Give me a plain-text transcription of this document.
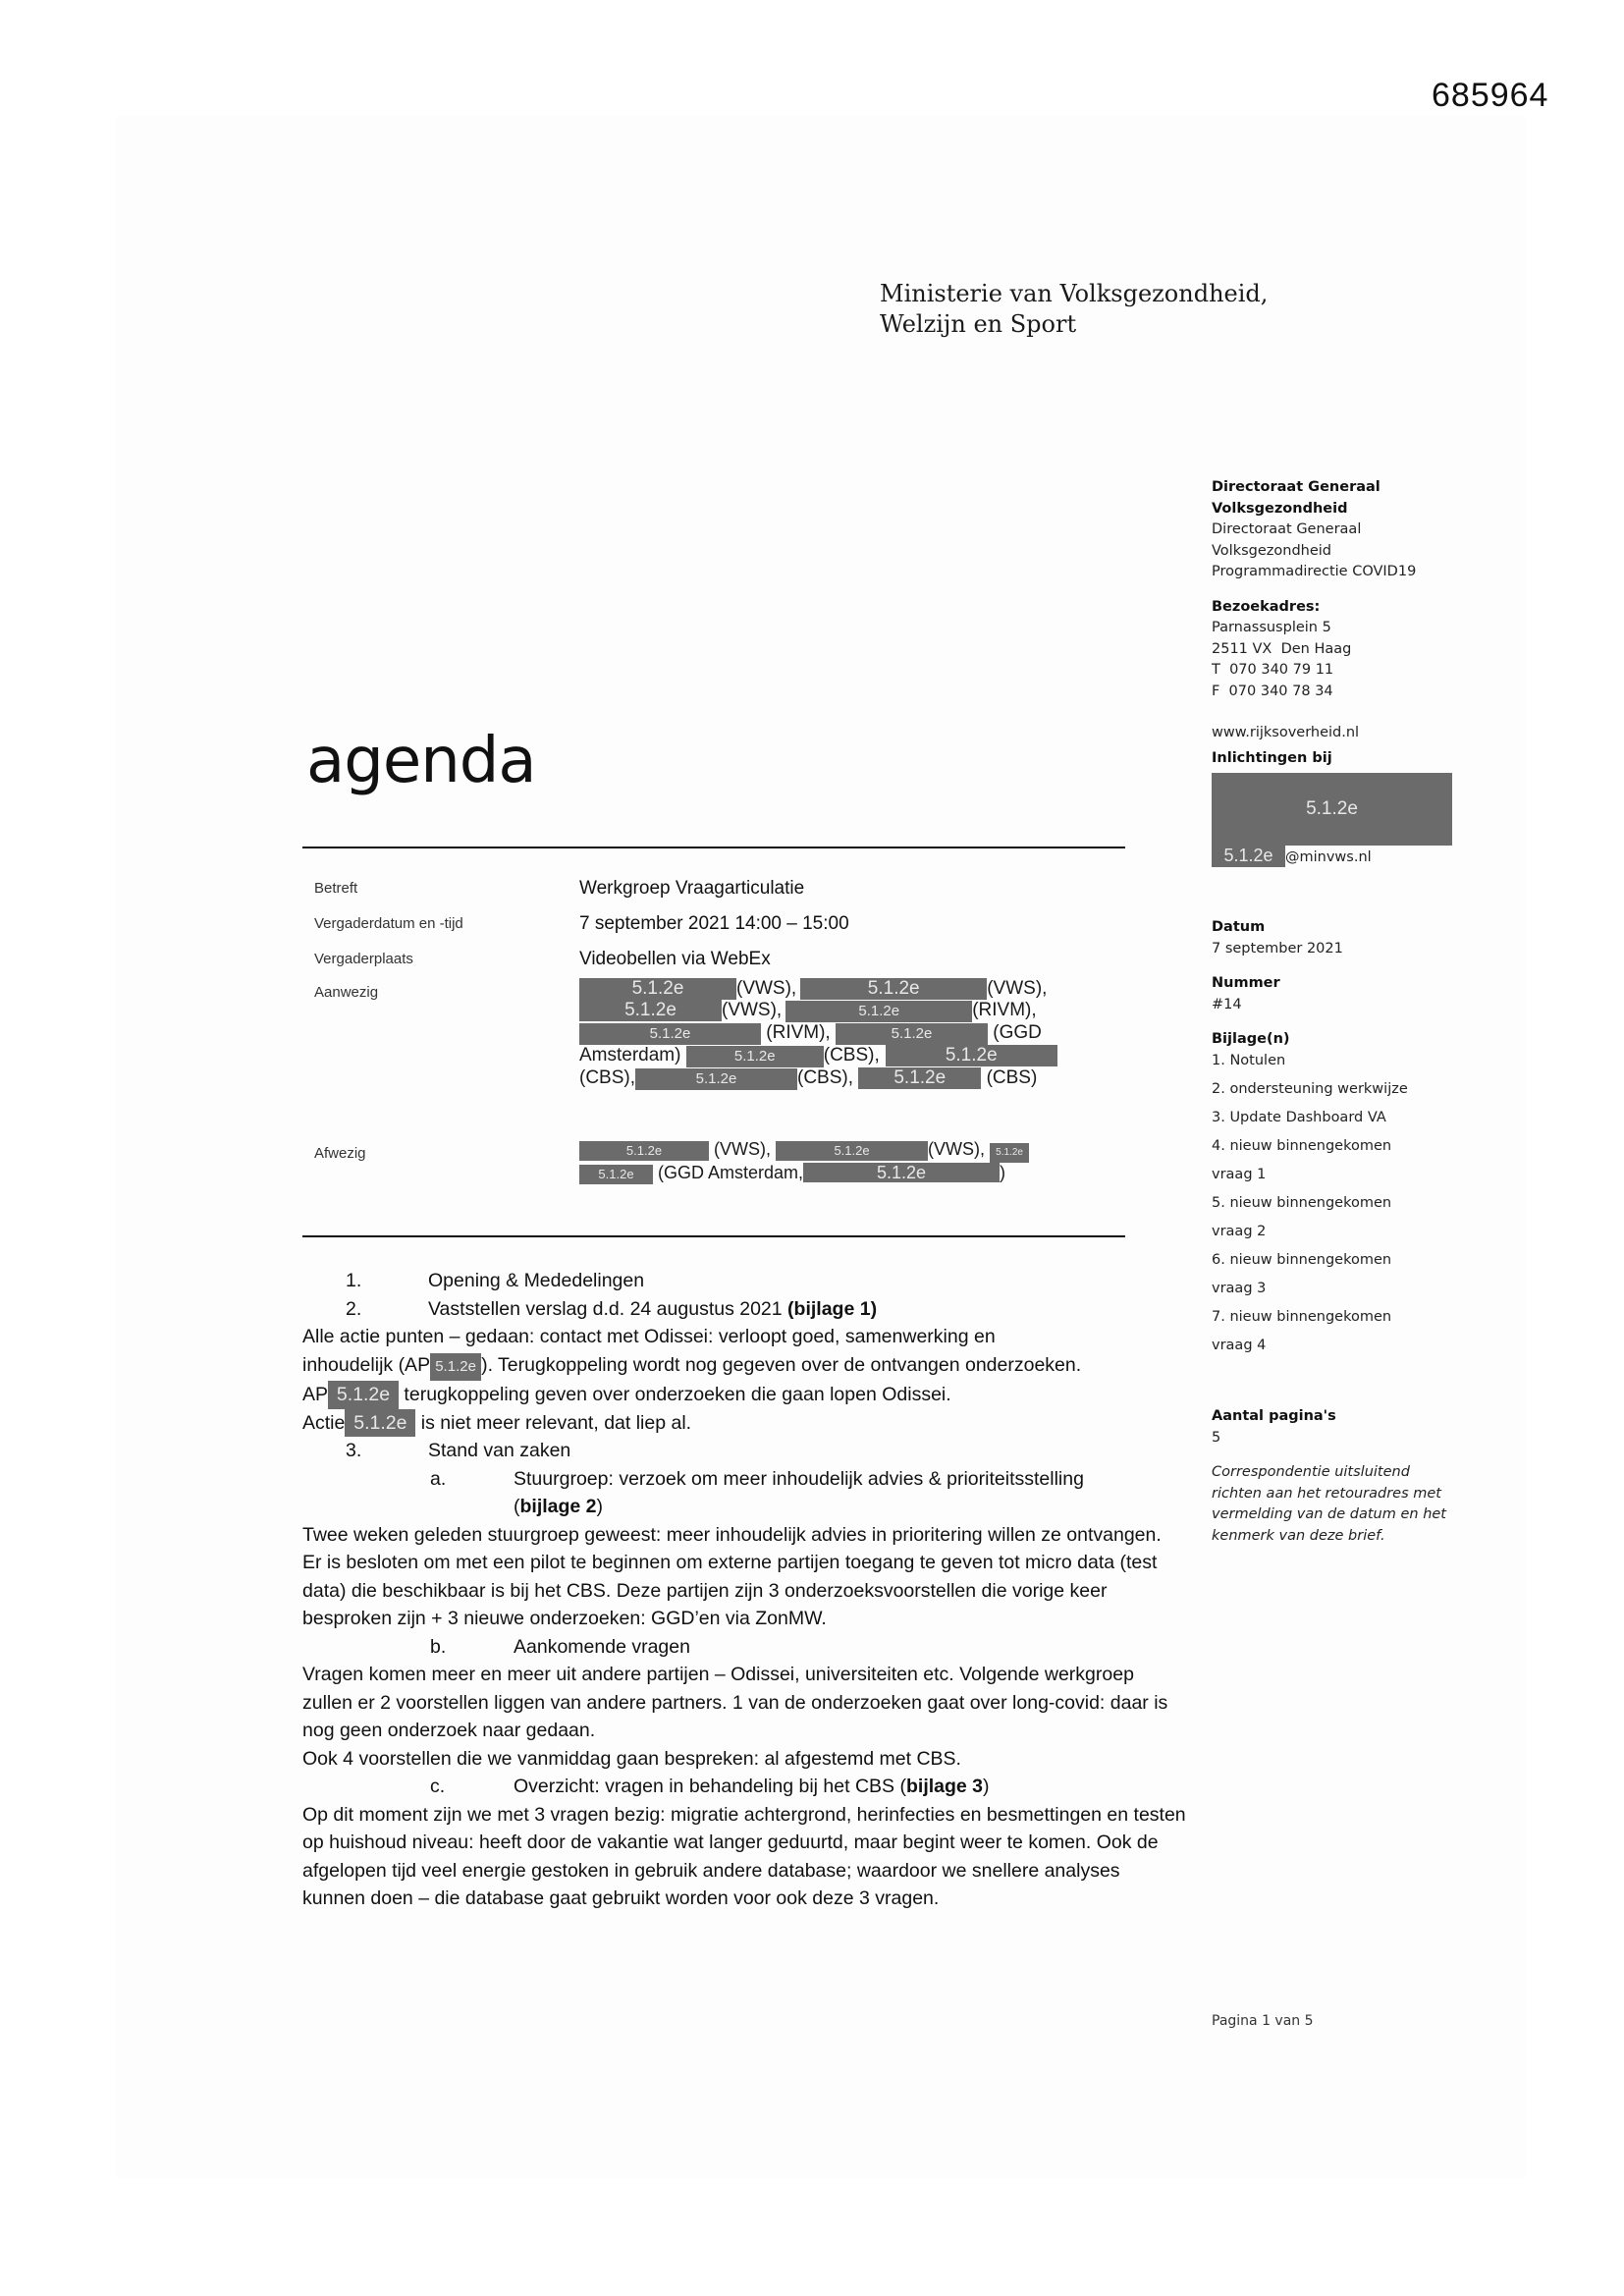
685964
Ministerie van Volksgezondheid,
Welzijn en Sport
agenda
Betreft	Werkgroep Vraagarticulatie
Vergaderdatum en -tijd	7 september 2021 14:00 – 15:00
Vergaderplaats	Videobellen via WebEx
Aanwezig	5.1.2e	(VWS),	5.1.2e	(VWS),
5.1.2e (VWS),	5.1.2e	(RIVM),
5.1.2e	(RIVM),	5.1.2e	(GGD
Amsterdam)	5.1.2e	(CBS),	5.1.2e
(CBS),	5.1.2e	(CBS), 5.1.2e (CBS)
Afwezig	5.1.2e	(VWS),	5.1.2e	(VWS), 5.1.2e
5.1.2e (GGD Amsterdam,	5.1.2e	)

1.	Opening & Mededelingen

2.	Vaststellen verslag d.d. 24 augustus 2021 (bijlage 1)

Alle actie punten – gedaan: contact met Odissei: verloopt goed, samenwerking en
inhoudelijk (AP 5.1.2e ). Terugkoppeling wordt nog gegeven over de ontvangen onderzoeken.
AP 5.1.2e terugkoppeling geven over onderzoeken die gaan lopen Odissei.
Actie 5.1.2e is niet meer relevant, dat liep al.

3.	Stand van zaken

a.	Stuurgroep: verzoek om meer inhoudelijk advies & prioriteitsstelling
(bijlage 2)

Twee weken geleden stuurgroep geweest: meer inhoudelijk advies in prioritering willen ze ontvangen. Er is besloten om met een pilot te beginnen om externe partijen toegang te geven tot micro data (test data) die beschikbaar is bij het CBS. Deze partijen zijn 3 onderzoeksvoorstellen die vorige keer besproken zijn + 3 nieuwe onderzoeken: GGD’en via ZonMW.

b.	Aankomende vragen

Vragen komen meer en meer uit andere partijen – Odissei, universiteiten etc. Volgende werkgroep zullen er 2 voorstellen liggen van andere partners. 1 van de onderzoeken gaat over long-covid: daar is nog geen onderzoek naar gedaan.

Ook 4 voorstellen die we vanmiddag gaan bespreken: al afgestemd met CBS.

c.	Overzicht: vragen in behandeling bij het CBS (bijlage 3)

Op dit moment zijn we met 3 vragen bezig: migratie achtergrond, herinfecties en besmettingen en testen op huishoud niveau: heeft door de vakantie wat langer geduurtd, maar begint weer te komen. Ook de afgelopen tijd veel energie gestoken in gebruik andere database; waardoor we snellere analyses kunnen doen – die database gaat gebruikt worden voor ook deze 3 vragen.

Directoraat Generaal
Volksgezondheid
Directoraat Generaal
Volksgezondheid
Programmadirectie COVID19
Bezoekadres:
Parnassusplein 5
2511 VX  Den Haag
T  070 340 79 11
F  070 340 78 34
www.rijksoverheid.nl
Inlichtingen bij
5.1.2e
5.1.2e @minvws.nl
Datum
7 september 2021
Nummer
#14
Bijlage(n)
1. Notulen
2. ondersteuning werkwijze
3. Update Dashboard VA
4. nieuw binnengekomen
vraag 1
5. nieuw binnengekomen
vraag 2
6. nieuw binnengekomen
vraag 3
7. nieuw binnengekomen
vraag 4
Aantal pagina's
5
Correspondentie uitsluitend richten aan het retouradres met vermelding van de datum en het kenmerk van deze brief.
Pagina 1 van 5
